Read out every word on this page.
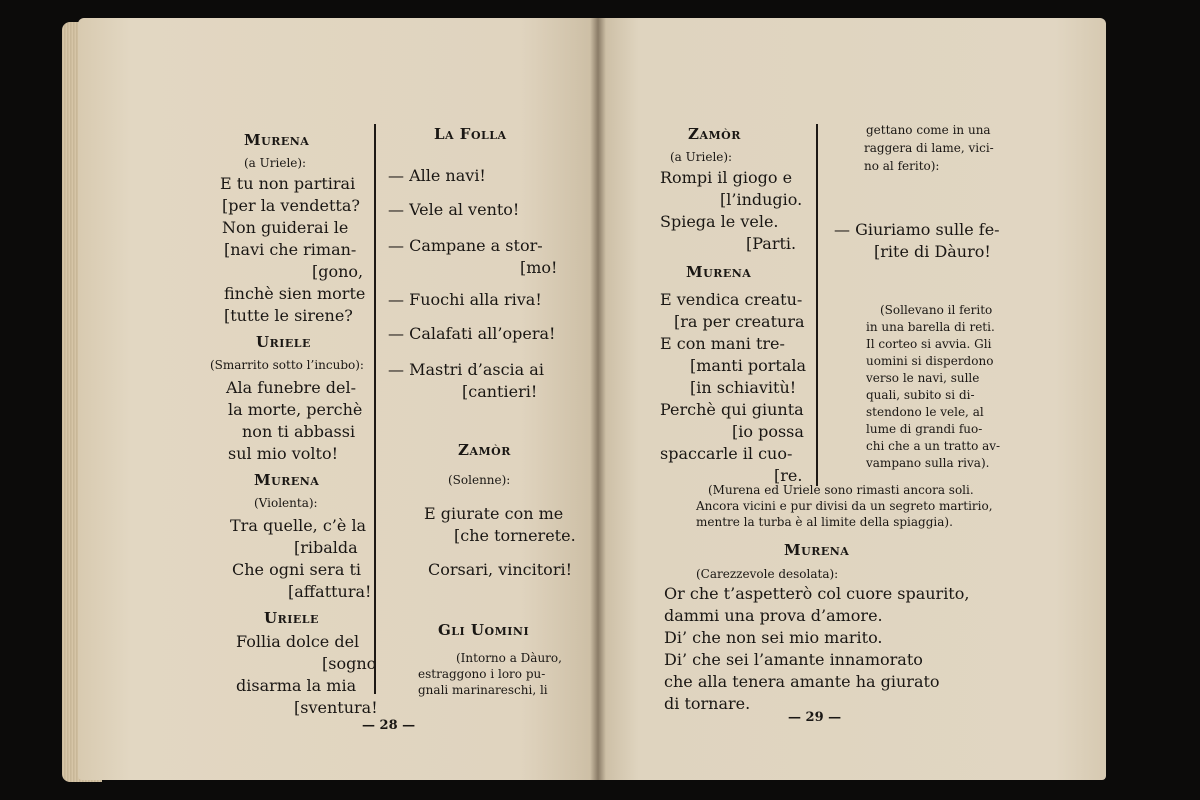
Murena
(a Uriele):
E tu non partirai
[per la vendetta?
Non guiderai le
[navi che riman-
[gono,
finchè sien morte
[tutte le sirene?
Uriele
(Smarrito sotto l’incubo):
Ala funebre del-
la morte, perchè
non ti abbassi
sul mio volto!
Murena
(Violenta):
Tra quelle, c’è la
[ribalda
Che ogni sera ti
[affattura!
Uriele
Follia dolce del
[sogno
disarma la mia
[sventura!
La Folla
— Alle navi!
— Vele al vento!
— Campane a stor-
[mo!
— Fuochi alla riva!
— Calafati all’opera!
— Mastri d’ascia ai
[cantieri!
Zamòr
(Solenne):
E giurate con me
[che tornerete.
Corsari, vincitori!
Gli Uomini
(Intorno a Dàuro,
estraggono i loro pu-
gnali marinareschi, li
— 28 —
Zamòr
(a Uriele):
Rompi il giogo e
[l’indugio.
Spiega le vele.
[Parti.
Murena
E vendica creatu-
[ra per creatura
E con mani tre-
[manti portala
[in schiavitù!
Perchè qui giunta
[io possa
spaccarle il cuo-
[re.
gettano come in una
raggera di lame, vici-
no al ferito):
— Giuriamo sulle fe-
[rite di Dàuro!
(Sollevano il ferito
in una barella di reti.
Il corteo si avvia. Gli
uomini si disperdono
verso le navi, sulle
quali, subito si di-
stendono le vele, al
lume di grandi fuo-
chi che a un tratto av-
vampano sulla riva).
(Murena ed Uriele sono rimasti ancora soli.
Ancora vicini e pur divisi da un segreto martirio,
mentre la turba è al limite della spiaggia).
Murena
(Carezzevole desolata):
Or che t’aspetterò col cuore spaurito,
dammi una prova d’amore.
Di’ che non sei mio marito.
Di’ che sei l’amante innamorato
che alla tenera amante ha giurato
di tornare.
— 29 —
